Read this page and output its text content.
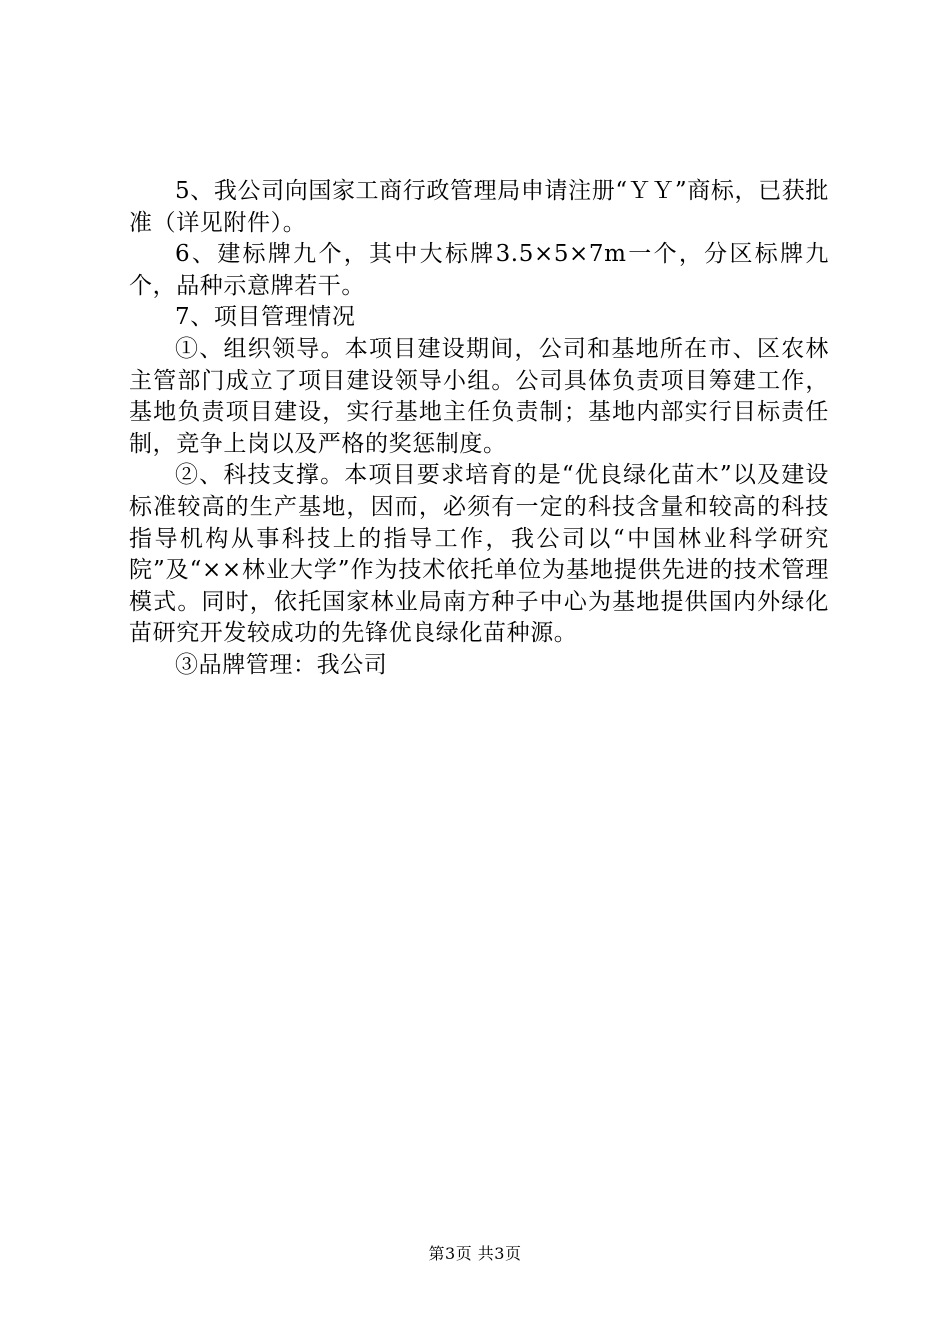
5、我公司向国家工商行政管理局申请注册“ＹＹ”商标，已获批准（详见附件）。

6、建标牌九个，其中大标牌3.5×5×7m一个，分区标牌九个，品种示意牌若干。

7、项目管理情况

①、组织领导。本项目建设期间，公司和基地所在市、区农林主管部门成立了项目建设领导小组。公司具体负责项目筹建工作，基地负责项目建设，实行基地主任负责制；基地内部实行目标责任制，竞争上岗以及严格的奖惩制度。

②、科技支撑。本项目要求培育的是“优良绿化苗木”以及建设标准较高的生产基地，因而，必须有一定的科技含量和较高的科技指导机构从事科技上的指导工作，我公司以“中国林业科学研究院”及“××林业大学”作为技术依托单位为基地提供先进的技术管理模式。同时，依托国家林业局南方种子中心为基地提供国内外绿化苗研究开发较成功的先锋优良绿化苗种源。

③品牌管理：我公司

第3页 共3页
